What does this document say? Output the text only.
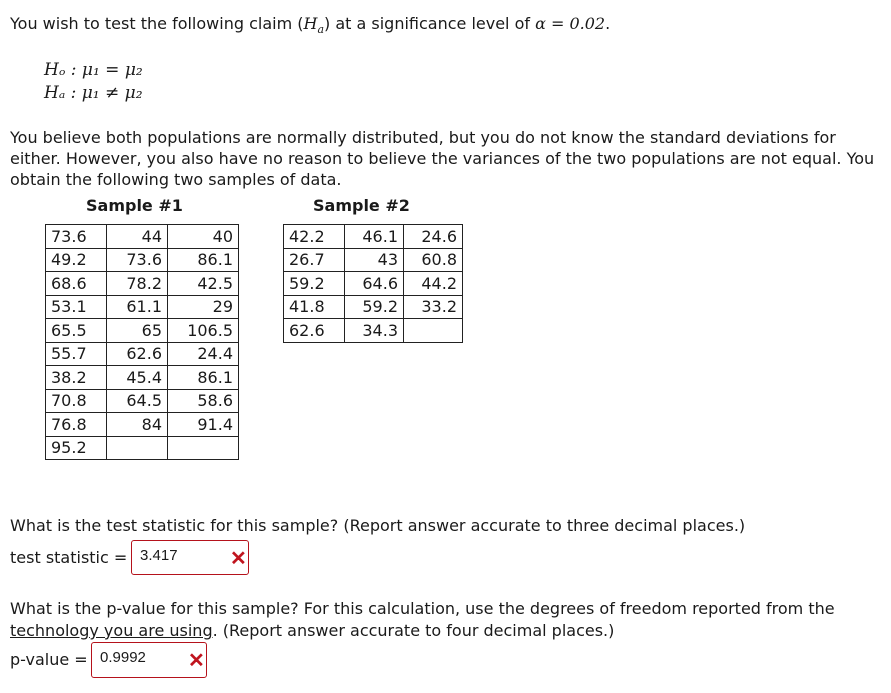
You wish to test the following claim $(H_a)$ at a significance level of α = 0.02.
Hₒ : μ₁ = μ₂
Hₐ : μ₁ ≠ μ₂
You believe both populations are normally distributed, but you do not know the standard deviations for either. However, you also have no reason to believe the variances of the two populations are not equal. You obtain the following two samples of data.
Sample #1	Sample #2
73.6	44	40
49.2	73.6	86.1
68.6	78.2	42.5
53.1	61.1	29
65.5	65	106.5
55.7	62.6	24.4
38.2	45.4	86.1
70.8	64.5	58.6
76.8	84	91.4
95.2		
42.2	46.1	24.6
26.7	43	60.8
59.2	64.6	44.2
41.8	59.2	33.2
62.6	34.3	
What is the test statistic for this sample? (Report answer accurate to three decimal places.)
test statistic = 3.417	✕
What is the p-value for this sample? For this calculation, use the degrees of freedom reported from the technology you are using. (Report answer accurate to four decimal places.)
p-value = 0.9992 ✕
